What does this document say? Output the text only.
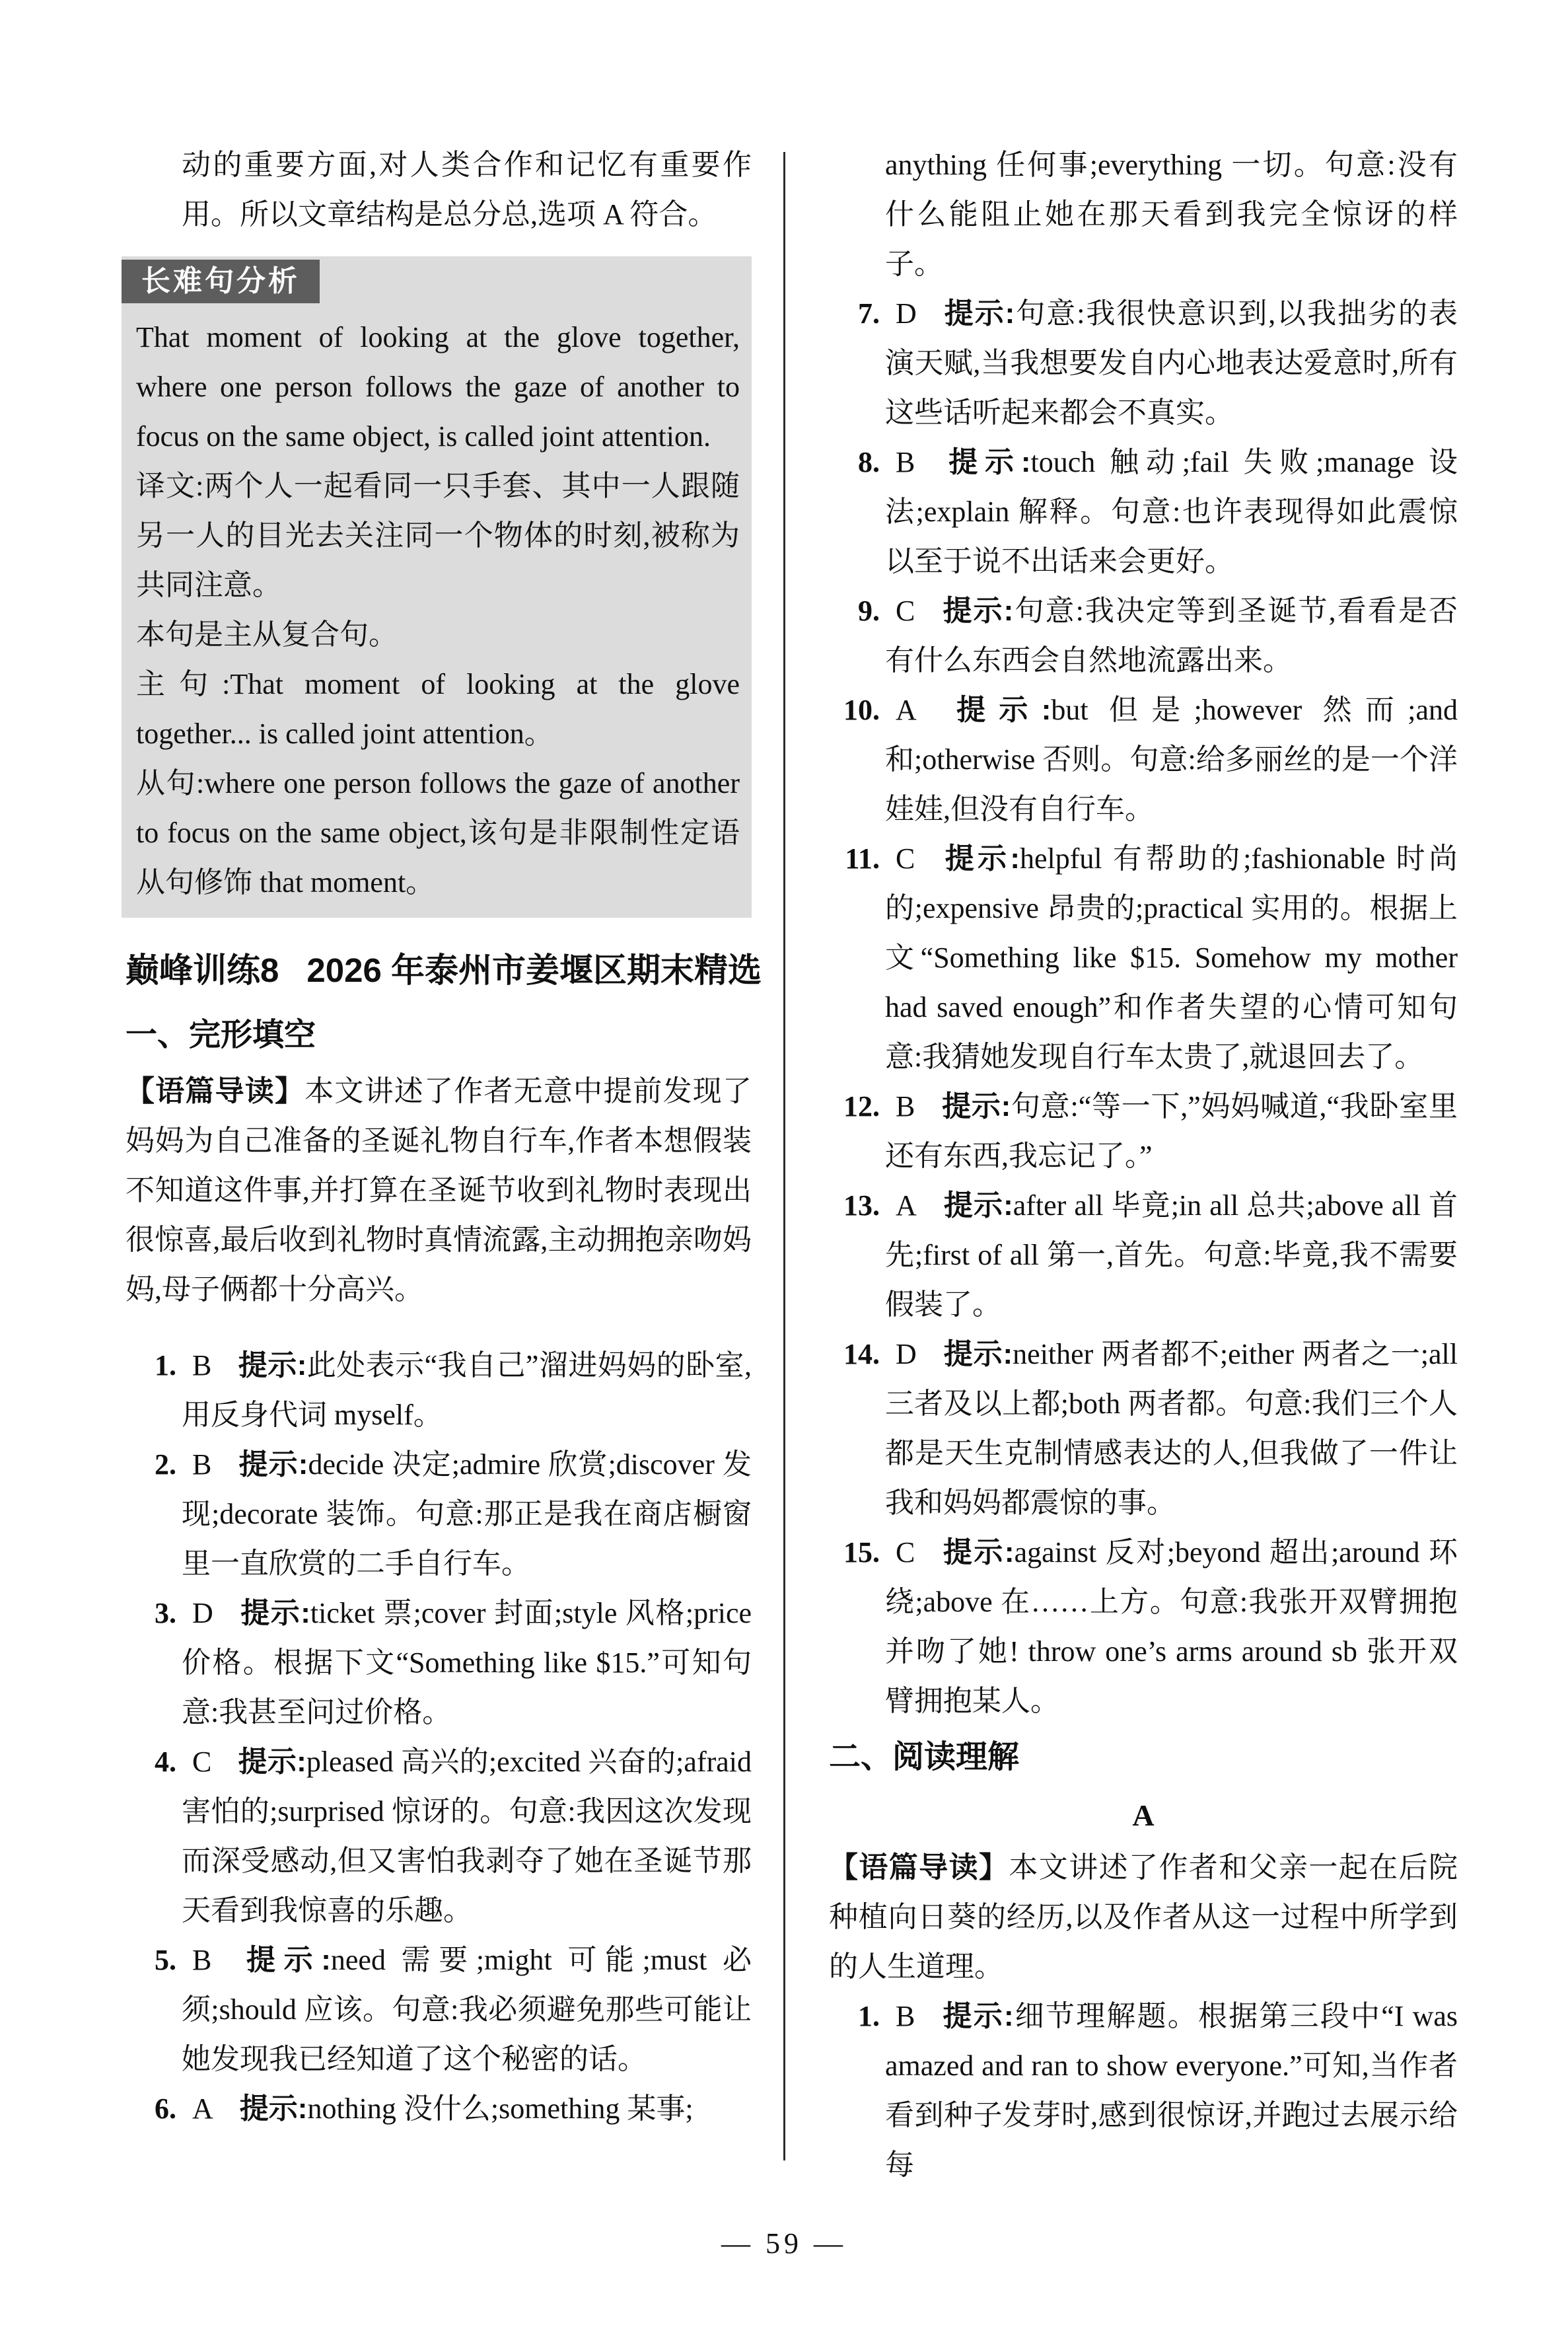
动的重要方面,对人类合作和记忆有重要作用。所以文章结构是总分总,选项 A 符合。

长难句分析

That moment of looking at the glove together, where one person follows the gaze of another to focus on the same object, is called joint attention.

译文:两个人一起看同一只手套、其中一人跟随另一人的目光去关注同一个物体的时刻,被称为共同注意。

本句是主从复合句。

主句:That moment of looking at the glove together... is called joint attention。

从句:where one person follows the gaze of another to focus on the same object,该句是非限制性定语从句修饰 that moment。

巅峰训练8 2026 年泰州市姜堰区期末精选
一、完形填空

【语篇导读】本文讲述了作者无意中提前发现了妈妈为自己准备的圣诞礼物自行车,作者本想假装不知道这件事,并打算在圣诞节收到礼物时表现出很惊喜,最后收到礼物时真情流露,主动拥抱亲吻妈妈,母子俩都十分高兴。

1. B 提示:此处表示“我自己”溜进妈妈的卧室,用反身代词 myself。
2. B 提示:decide 决定;admire 欣赏;discover 发现;decorate 装饰。句意:那正是我在商店橱窗里一直欣赏的二手自行车。
3. D 提示:ticket 票;cover 封面;style 风格;price 价格。根据下文“Something like $15.”可知句意:我甚至问过价格。
4. C 提示:pleased 高兴的;excited 兴奋的;afraid 害怕的;surprised 惊讶的。句意:我因这次发现而深受感动,但又害怕我剥夺了她在圣诞节那天看到我惊喜的乐趣。
5. B 提示:need 需要;might 可能;must 必须;should 应该。句意:我必须避免那些可能让她发现我已经知道了这个秘密的话。
6. A 提示:nothing 没什么;something 某事;

anything 任何事;everything 一切。句意:没有什么能阻止她在那天看到我完全惊讶的样子。

7. D 提示:句意:我很快意识到,以我拙劣的表演天赋,当我想要发自内心地表达爱意时,所有这些话听起来都会不真实。
8. B 提示:touch 触动;fail 失败;manage 设法;explain 解释。句意:也许表现得如此震惊以至于说不出话来会更好。
9. C 提示:句意:我决定等到圣诞节,看看是否有什么东西会自然地流露出来。
10. A 提示:but 但是;however 然而;and 和;otherwise 否则。句意:给多丽丝的是一个洋娃娃,但没有自行车。
11. C 提示:helpful 有帮助的;fashionable 时尚的;expensive 昂贵的;practical 实用的。根据上文“Something like $15. Somehow my mother had saved enough”和作者失望的心情可知句意:我猜她发现自行车太贵了,就退回去了。
12. B 提示:句意:“等一下,”妈妈喊道,“我卧室里还有东西,我忘记了。”
13. A 提示:after all 毕竟;in all 总共;above all 首先;first of all 第一,首先。句意:毕竟,我不需要假装了。
14. D 提示:neither 两者都不;either 两者之一;all 三者及以上都;both 两者都。句意:我们三个人都是天生克制情感表达的人,但我做了一件让我和妈妈都震惊的事。
15. C 提示:against 反对;beyond 超出;around 环绕;above 在……上方。句意:我张开双臂拥抱并吻了她! throw one’s arms around sb 张开双臂拥抱某人。
二、阅读理解
A

【语篇导读】本文讲述了作者和父亲一起在后院种植向日葵的经历,以及作者从这一过程中所学到的人生道理。

1. B 提示:细节理解题。根据第三段中“I was amazed and ran to show everyone.”可知,当作者看到种子发芽时,感到很惊讶,并跑过去展示给每
— 59 —
